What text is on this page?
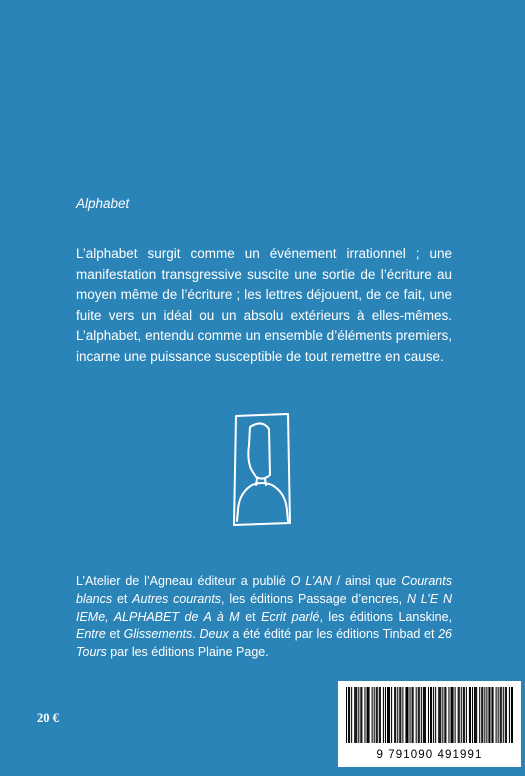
Alphabet

L’alphabet surgit comme un événement irrationnel ; une manifestation transgressive suscite une sortie de l’écriture au moyen même de l’écriture ; les lettres déjouent, de ce fait, une fuite vers un idéal ou un absolu extérieurs à elles-mêmes. L’alphabet, entendu comme un ensemble d’éléments premiers, incarne une puissance susceptible de tout remettre en cause.

L’Atelier de l’Agneau éditeur a publié O L’AN / ainsi que Courants blancs et Autres courants, les éditions Passage d’encres, N L’E N IEMe, ALPHABET de A à M et Ecrit parlé, les éditions Lanskine, Entre et Glissements. Deux a été édité par les éditions Tinbad et 26 Tours par les éditions Plaine Page.

20 €
9 791090 491991
